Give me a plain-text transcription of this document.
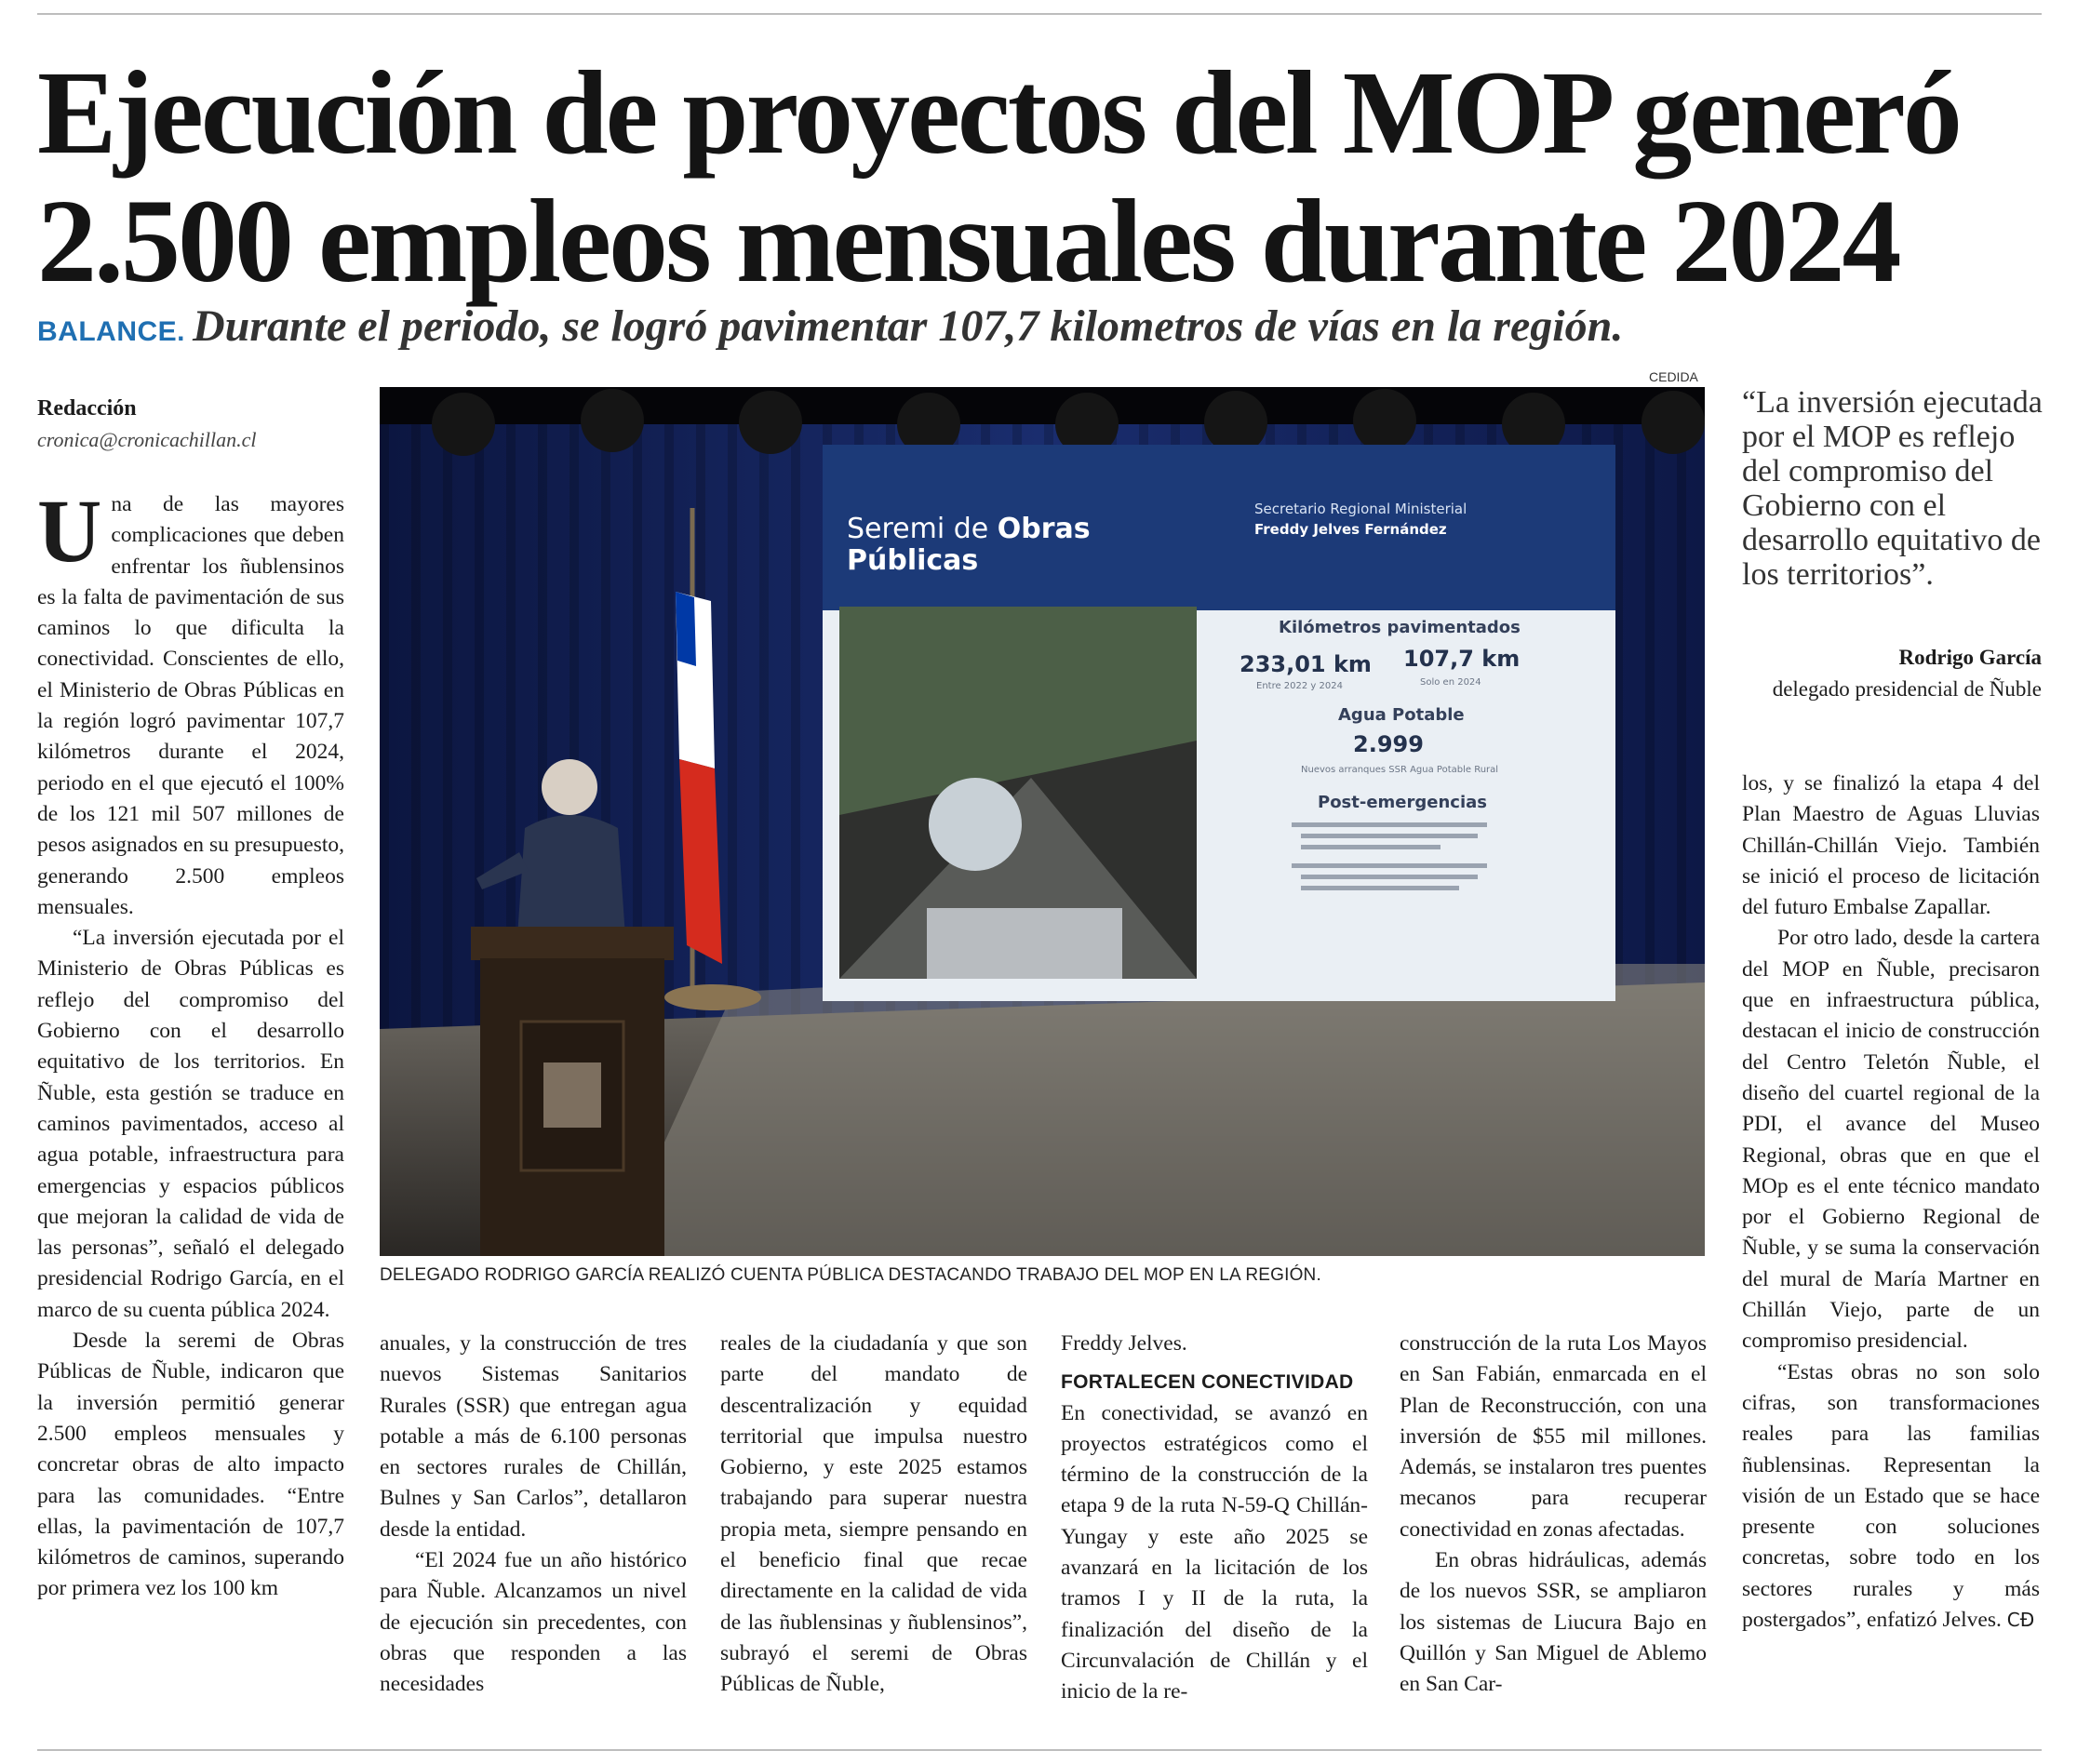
Ejecución de proyectos del MOP generó
2.500 empleos mensuales durante 2024
BALANCE. Durante el periodo, se logró pavimentar 107,7 kilometros de vías en la región.
Redacción
cronica@cronicachillan.cl
CEDIDA
Seremi de Obras
Públicas
Secretario Regional Ministerial
Freddy Jelves Fernández
Kilómetros pavimentados
233,01 km
Entre 2022 y 2024
107,7 km
Solo en 2024
Agua Potable
2.999
Nuevos arranques SSR Agua Potable Rural
Post-emergencias
DELEGADO RODRIGO GARCÍA REALIZÓ CUENTA PÚBLICA DESTACANDO TRABAJO DEL MOP EN LA REGIÓN.

Una de las mayores complicaciones que deben enfrentar los ñublensinos es la falta de pavimentación de sus caminos lo que dificulta la conectividad. Conscientes de ello, el Ministerio de Obras Públicas en la región logró pavimentar 107,7 kilómetros durante el 2024, periodo en el que ejecutó el 100% de los 121 mil 507 millones de pesos asignados en su presupuesto, generando 2.500 empleos mensuales.

“La inversión ejecutada por el Ministerio de Obras Públicas es reflejo del compromiso del Gobierno con el desarrollo equitativo de los territorios. En Ñuble, esta gestión se traduce en caminos pavimentados, acceso al agua potable, infraestructura para emergencias y espacios públicos que mejoran la calidad de vida de las personas”, señaló el delegado presidencial Rodrigo García, en el marco de su cuenta pública 2024.

Desde la seremi de Obras Públicas de Ñuble, indicaron que la inversión permitió generar 2.500 empleos mensuales y concretar obras de alto impacto para las comunidades. “Entre ellas, la pavimentación de 107,7 kilómetros de caminos, superando por primera vez los 100 km

anuales, y la construcción de tres nuevos Sistemas Sanitarios Rurales (SSR) que entregan agua potable a más de 6.100 personas en sectores rurales de Chillán, Bulnes y San Carlos”, detallaron desde la entidad.

“El 2024 fue un año histórico para Ñuble. Alcanzamos un nivel de ejecución sin precedentes, con obras que responden a las necesidades

reales de la ciudadanía y que son parte del mandato de descentralización y equidad territorial que impulsa nuestro Gobierno, y este 2025 estamos trabajando para superar nuestra propia meta, siempre pensando en el beneficio final que recae directamente en la calidad de vida de las ñublensinas y ñublensinos”, subrayó el seremi de Obras Públicas de Ñuble,

Freddy Jelves.

FORTALECEN CONECTIVIDAD

En conectividad, se avanzó en proyectos estratégicos como el término de la construcción de la etapa 9 de la ruta N-59-Q Chillán-Yungay y este año 2025 se avanzará en la licitación de los tramos I y II de la ruta, la finalización del diseño de la Circunvalación de Chillán y el inicio de la re-

construcción de la ruta Los Mayos en San Fabián, enmarcada en el Plan de Reconstrucción, con una inversión de $55 mil millones. Además, se instalaron tres puentes mecanos para recuperar conectividad en zonas afectadas.

En obras hidráulicas, además de los nuevos SSR, se ampliaron los sistemas de Liucura Bajo en Quillón y San Miguel de Ablemo en San Car-

“La inversión ejecutada por el MOP es reflejo del compromiso del Gobierno con el desarrollo equitativo de los territorios”.
Rodrigo García
delegado presidencial de Ñuble

los, y se finalizó la etapa 4 del Plan Maestro de Aguas Lluvias Chillán-Chillán Viejo. También se inició el proceso de licitación del futuro Embalse Zapallar.

Por otro lado, desde la cartera del MOP en Ñuble, precisaron que en infraestructura pública, destacan el inicio de construcción del Centro Teletón Ñuble, el diseño del cuartel regional de la PDI, el avance del Museo Regional, obras que en que el MOp es el ente técnico mandato por el Gobierno Regional de Ñuble, y se suma la conservación del mural de María Martner en Chillán Viejo, parte de un compromiso presidencial.

“Estas obras no son solo cifras, son transformaciones reales para las familias ñublensinas. Representan la visión de un Estado que se hace presente con soluciones concretas, sobre todo en los sectores rurales y más postergados”, enfatizó Jelves. CÐ
